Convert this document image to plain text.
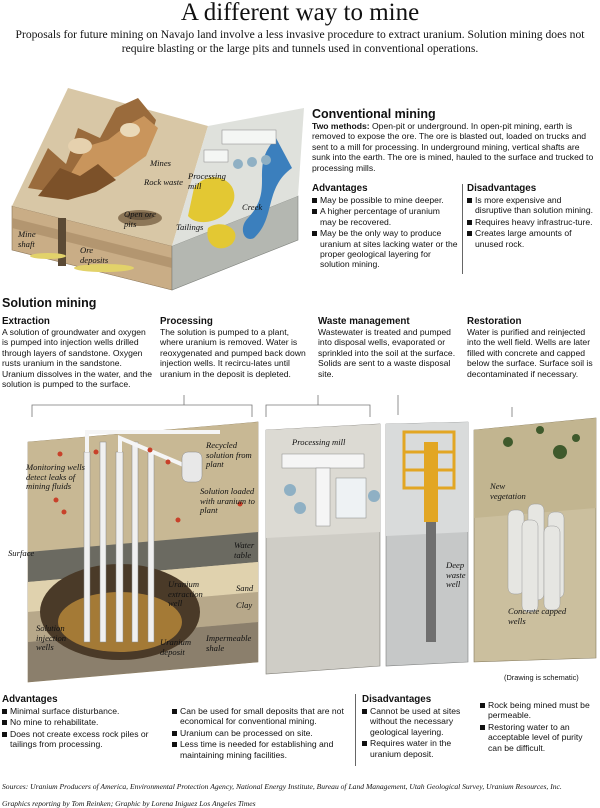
A different way to mine
Proposals for future mining on Navajo land involve a less invasive procedure to extract uranium. Solution mining does not require blasting or the large pits and tunnels used in conventional operations.
Mines
Rock waste
Processing mill
Creek
Open ore pits
Mine shaft
Ore deposits
Tailings
Conventional mining
Two methods: Open-pit or underground. In open-pit mining, earth is removed to expose the ore. The ore is blasted out, loaded on trucks and sent to a mill for processing. In underground mining, vertical shafts are sunk into the earth. The ore is mined, hauled to the surface and trucked to processing mills.
Advantages
May be possible to mine deeper.
A higher percentage of uranium may be recovered.
May be the only way to produce uranium at sites lacking water or the proper geological layering for solution mining.
Disadvantages
Is more expensive and disruptive than solution mining.
Requires heavy infrastruc-ture.
Creates large amounts of unused rock.
Solution mining
Extraction
A solution of groundwater and oxygen is pumped into injection wells drilled through layers of sandstone. Oxygen rusts uranium in the sandstone. Uranium dissolves in the water, and the solution is pumped to the surface.
Processing
The solution is pumped to a plant, where uranium is removed. Water is reoxygenated and pumped back down injection wells. It recircu-lates until uranium in the deposit is depleted.
Waste management
Wastewater is treated and pumped into disposal wells, evaporated or sprinkled into the soil at the surface. Solids are sent to a waste disposal site.
Restoration
Water is purified and reinjected into the well field. Wells are later filled with concrete and capped below the surface. Surface soil is decontaminated if necessary.
Monitoring wells detect leaks of mining fluids
Recycled solution from plant
Solution loaded with uranium to plant
Processing mill
Surface
Water table
Sand
Clay
Uranium extraction well
Solution injection wells	Uranium deposit
Impermeable shale
Deep waste well
New vegetation
Concrete capped wells
(Drawing is schematic)
Advantages
Minimal surface disturbance.
No mine to rehabilitate.
Does not create excess rock piles or tailings from processing.
Can be used for small deposits that are not economical for conventional mining.
Uranium can be processed on site.
Less time is needed for establishing and maintaining mining facilities.
Disadvantages
Cannot be used at sites without the necessary geological layering.
Requires water in the uranium deposit.
Rock being mined must be permeable.
Restoring water to an acceptable level of purity can be difficult.
Sources: Uranium Producers of America, Environmental Protection Agency, National Energy Institute, Bureau of Land Management, Utah Geological Survey, Uranium Resources, Inc.
Graphics reporting by Tom Reinken; Graphic by Lorena Iniguez Los Angeles Times
